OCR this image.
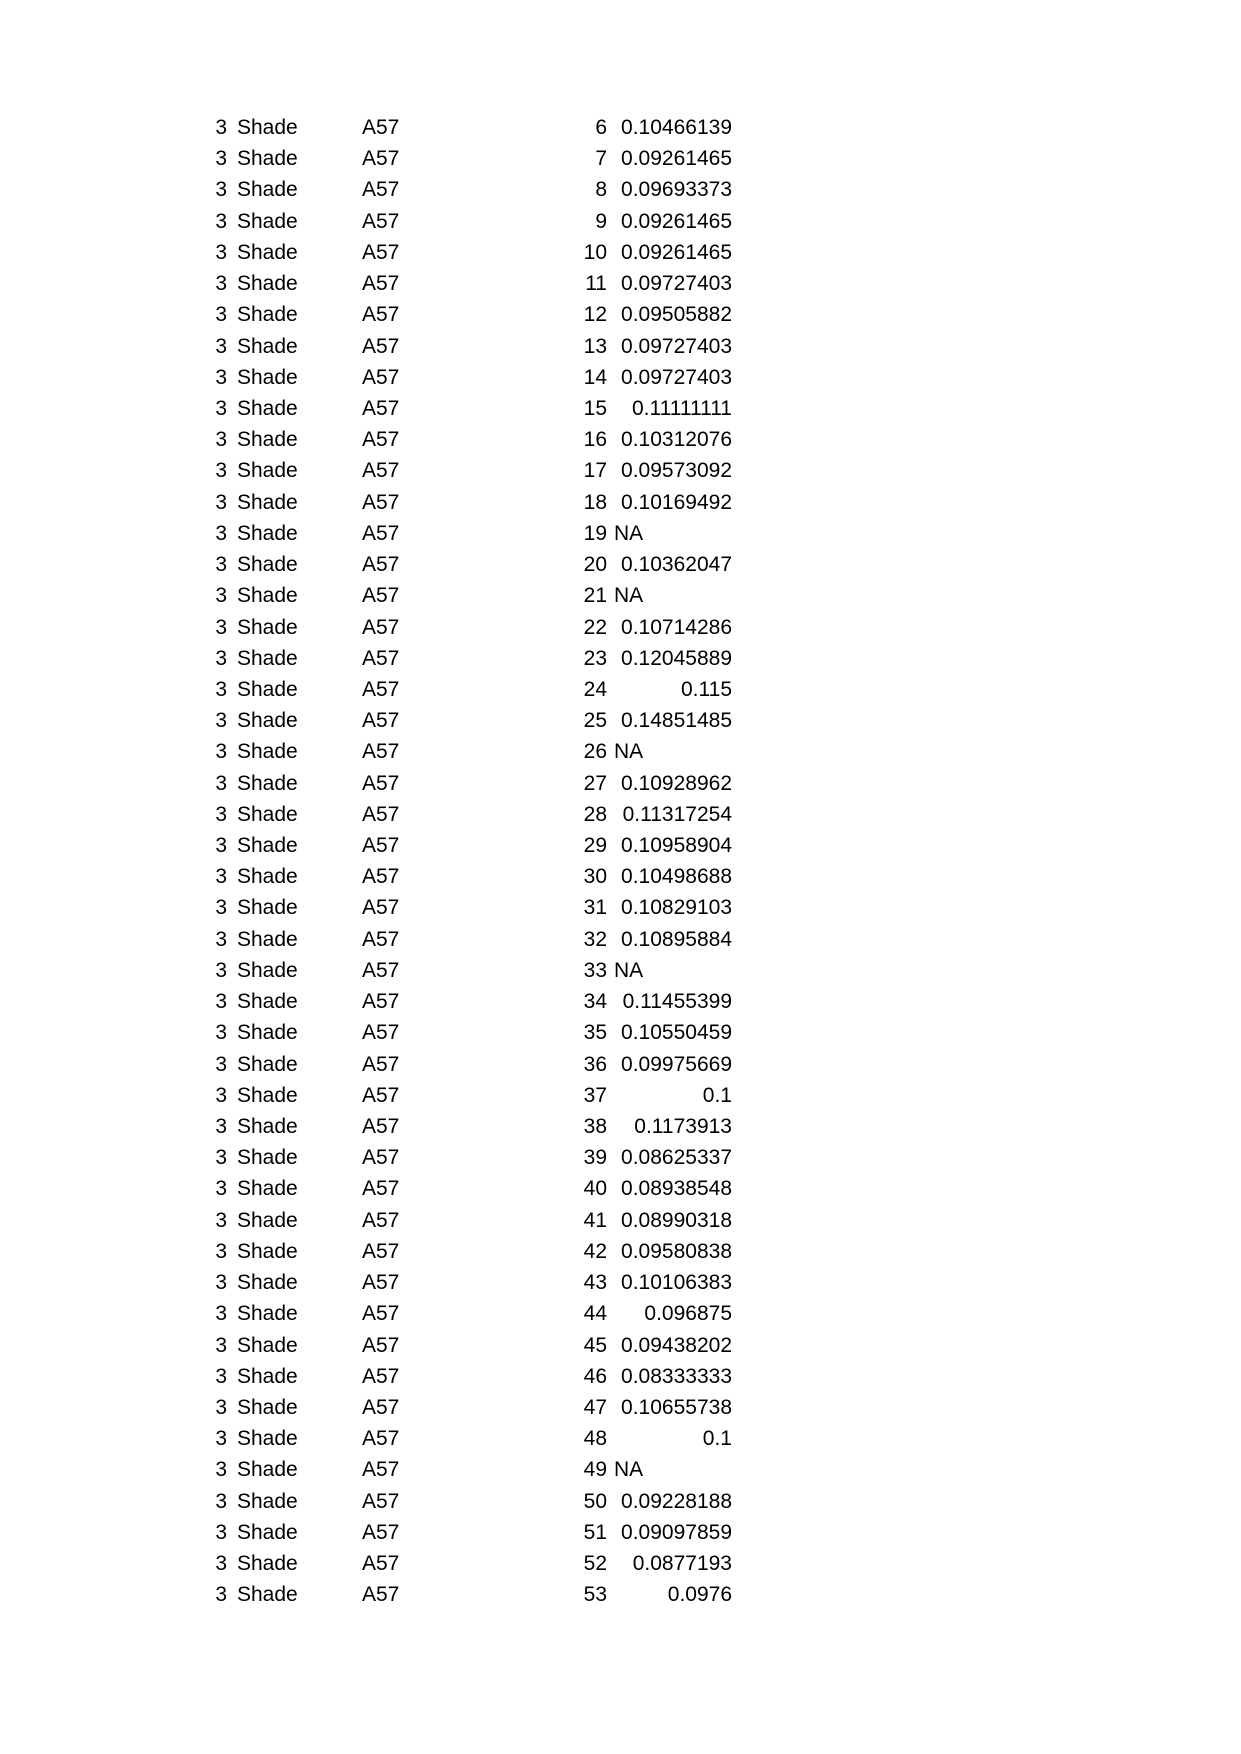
3 Shade	A57	6 0.10466139
3 Shade	A57	7 0.09261465
3 Shade	A57	8 0.09693373
3 Shade	A57	9 0.09261465
3 Shade	A57	10 0.09261465
3 Shade	A57	11 0.09727403
3 Shade	A57	12 0.09505882
3 Shade	A57	13 0.09727403
3 Shade	A57	14 0.09727403
3 Shade	A57	15	0.11111111
3 Shade	A57	16 0.10312076
3 Shade	A57	17 0.09573092
3 Shade	A57	18 0.10169492
3 Shade	A57	19 NA
3 Shade	A57	20 0.10362047
3 Shade	A57	21 NA
3 Shade	A57	22 0.10714286
3 Shade	A57	23 0.12045889
3 Shade	A57	24	0.115
3 Shade	A57	25 0.14851485
3 Shade	A57	26 NA
3 Shade	A57	27 0.10928962
3 Shade	A57	28 0.11317254
3 Shade	A57	29 0.10958904
3 Shade	A57	30 0.10498688
3 Shade	A57	31 0.10829103
3 Shade	A57	32 0.10895884
3 Shade	A57	33 NA
3 Shade	A57	34 0.11455399
3 Shade	A57	35 0.10550459
3 Shade	A57	36 0.09975669
3 Shade	A57	37	0.1
3 Shade	A57	38	0.1173913
3 Shade	A57	39 0.08625337
3 Shade	A57	40 0.08938548
3 Shade	A57	41 0.08990318
3 Shade	A57	42 0.09580838
3 Shade	A57	43 0.10106383
3 Shade	A57	44	0.096875
3 Shade	A57	45 0.09438202
3 Shade	A57	46 0.08333333
3 Shade	A57	47 0.10655738
3 Shade	A57	48	0.1
3 Shade	A57	49 NA
3 Shade	A57	50 0.09228188
3 Shade	A57	51 0.09097859
3 Shade	A57	52	0.0877193
3 Shade	A57	53	0.0976
